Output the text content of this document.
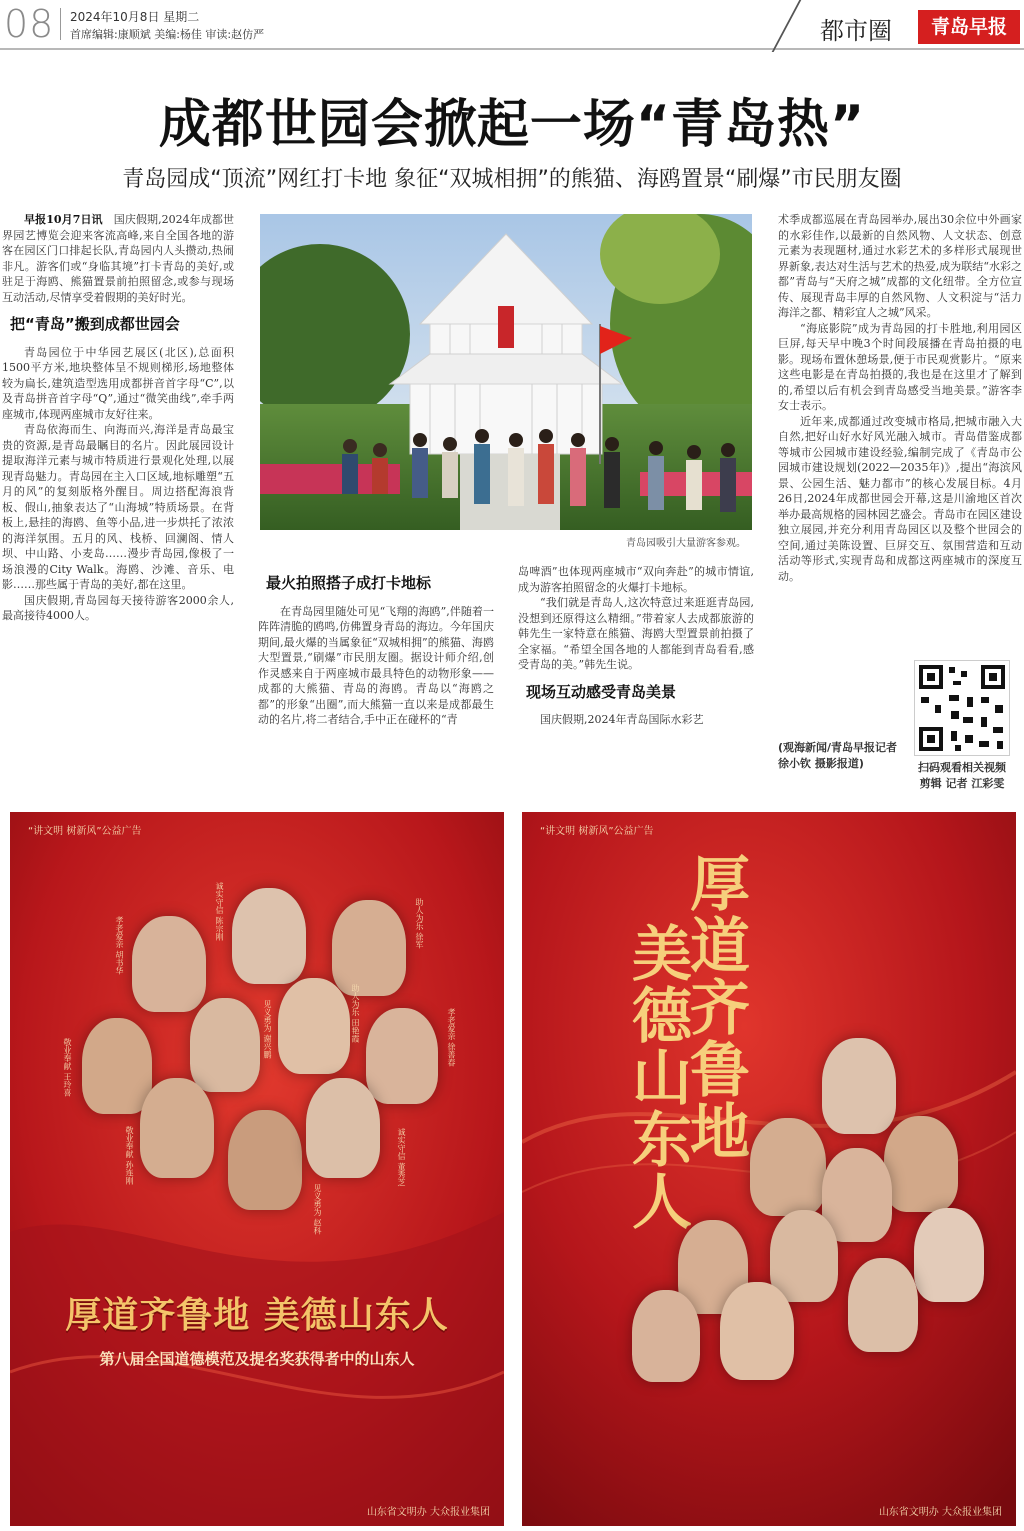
08 2024年10月8日 星期二
首席编辑:康顺斌 美编:杨佳 审读:赵仿严	都市圈	青岛早报
成都世园会掀起一场“青岛热”
青岛园成“顶流”网红打卡地 象征“双城相拥”的熊猫、海鸥置景“刷爆”市民朋友圈

早报10月7日讯　 国庆假期,2024年成都世界园艺博览会迎来客流高峰,来自全国各地的游客在园区门口排起长队,青岛园内人头攒动,热闹非凡。游客们或“身临其境”打卡青岛的美好,或驻足于海鸥、熊猫置景前拍照留念,或参与现场互动活动,尽情享受着假期的美好时光。

把“青岛”搬到成都世园会

青岛园位于中华园艺展区(北区),总面积1500平方米,地块整体呈不规则梯形,场地整体较为扁长,建筑造型选用成都拼音首字母“C”,以及青岛拼音首字母“Q”,通过“微笑曲线”,牵手两座城市,体现两座城市友好往来。

青岛依海而生、向海而兴,海洋是青岛最宝贵的资源,是青岛最瞩目的名片。因此展园设计提取海洋元素与城市特质进行景观化处理,以展现青岛魅力。青岛园在主入口区域,地标雕塑“五月的风”的复刻版格外醒目。周边搭配海浪背板、假山,抽象表达了“山海城”特质场景。在背板上,悬挂的海鸥、鱼等小品,进一步烘托了浓浓的海洋氛围。五月的风、栈桥、回澜阁、情人坝、中山路、小麦岛……漫步青岛园,像极了一场浪漫的City Walk。海鸥、沙滩、音乐、电影……那些属于青岛的美好,都在这里。

国庆假期,青岛园每天接待游客2000余人,最高接待4000人。

青岛园吸引大量游客参观。
最火拍照搭子成打卡地标

在青岛园里随处可见“飞翔的海鸥”,伴随着一阵阵清脆的鸥鸣,仿佛置身青岛的海边。今年国庆期间,最火爆的当属象征“双城相拥”的熊猫、海鸥大型置景,“刷爆”市民朋友圈。据设计师介绍,创作灵感来自于两座城市最具特色的动物形象——成都的大熊猫、青岛的海鸥。青岛以“海鸥之都”的形象“出圈”,而大熊猫一直以来是成都最生动的名片,将二者结合,手中正在碰杯的“青

岛啤酒”也体现两座城市“双向奔赴”的城市情谊,成为游客拍照留念的火爆打卡地标。

“我们就是青岛人,这次特意过来逛逛青岛园,没想到还原得这么精细。”带着家人去成都旅游的韩先生一家特意在熊猫、海鸥大型置景前拍摄了全家福。“希望全国各地的人都能到青岛看看,感受青岛的美。”韩先生说。

现场互动感受青岛美景

国庆假期,2024年青岛国际水彩艺

术季成都巡展在青岛园举办,展出30余位中外画家的水彩佳作,以最新的自然风物、人文状态、创意元素为表现题材,通过水彩艺术的多样形式展现世界新象,表达对生活与艺术的热爱,成为联结“水彩之都”青岛与“天府之城”成都的文化纽带。全方位宣传、展现青岛丰厚的自然风物、人文积淀与“活力海洋之都、精彩宜人之城”风采。

“海底影院”成为青岛园的打卡胜地,利用园区巨屏,每天早中晚3个时间段展播在青岛拍摄的电影。现场布置休憩场景,便于市民观赏影片。“原来这些电影是在青岛拍摄的,我也是在这里才了解到的,希望以后有机会到青岛感受当地美景。”游客李女士表示。

近年来,成都通过改变城市格局,把城市融入大自然,把好山好水好风光融入城市。青岛借鉴成都等城市公园城市建设经验,编制完成了《青岛市公园城市建设规划(2022—2035年)》,提出“海滨风景、公园生活、魅力都市”的核心发展目标。4月26日,2024年成都世园会开幕,这是川渝地区首次举办最高规格的园林园艺盛会。青岛市在园区建设独立展园,并充分利用青岛园区以及整个世园会的空间,通过美陈设置、巨屏交互、氛围营造和互动活动等形式,实现青岛和成都这两座城市的深度互动。

(观海新闻/青岛早报记者 徐小钦 摄影报道)	扫码观看相关视频
剪辑 记者 江彩雯
“讲文明 树新风”公益广告
孝老爱亲 胡书华
诚实守信 陈宗刚	助人为乐 徐军
敬业奉献 王玲喜
见义勇为 谢兴鹏	助人为乐 田艳霞	孝老爱亲 徐善春
敬业奉献 孙连刚	诚实守信 董秀芝
见义勇为 赵科
厚道齐鲁地 美德山东人
第八届全国道德模范及提名奖获得者中的山东人
山东省文明办 大众报业集团
“讲文明 树新风”公益广告
厚道齐鲁地
美德山东人
山东省文明办 大众报业集团
